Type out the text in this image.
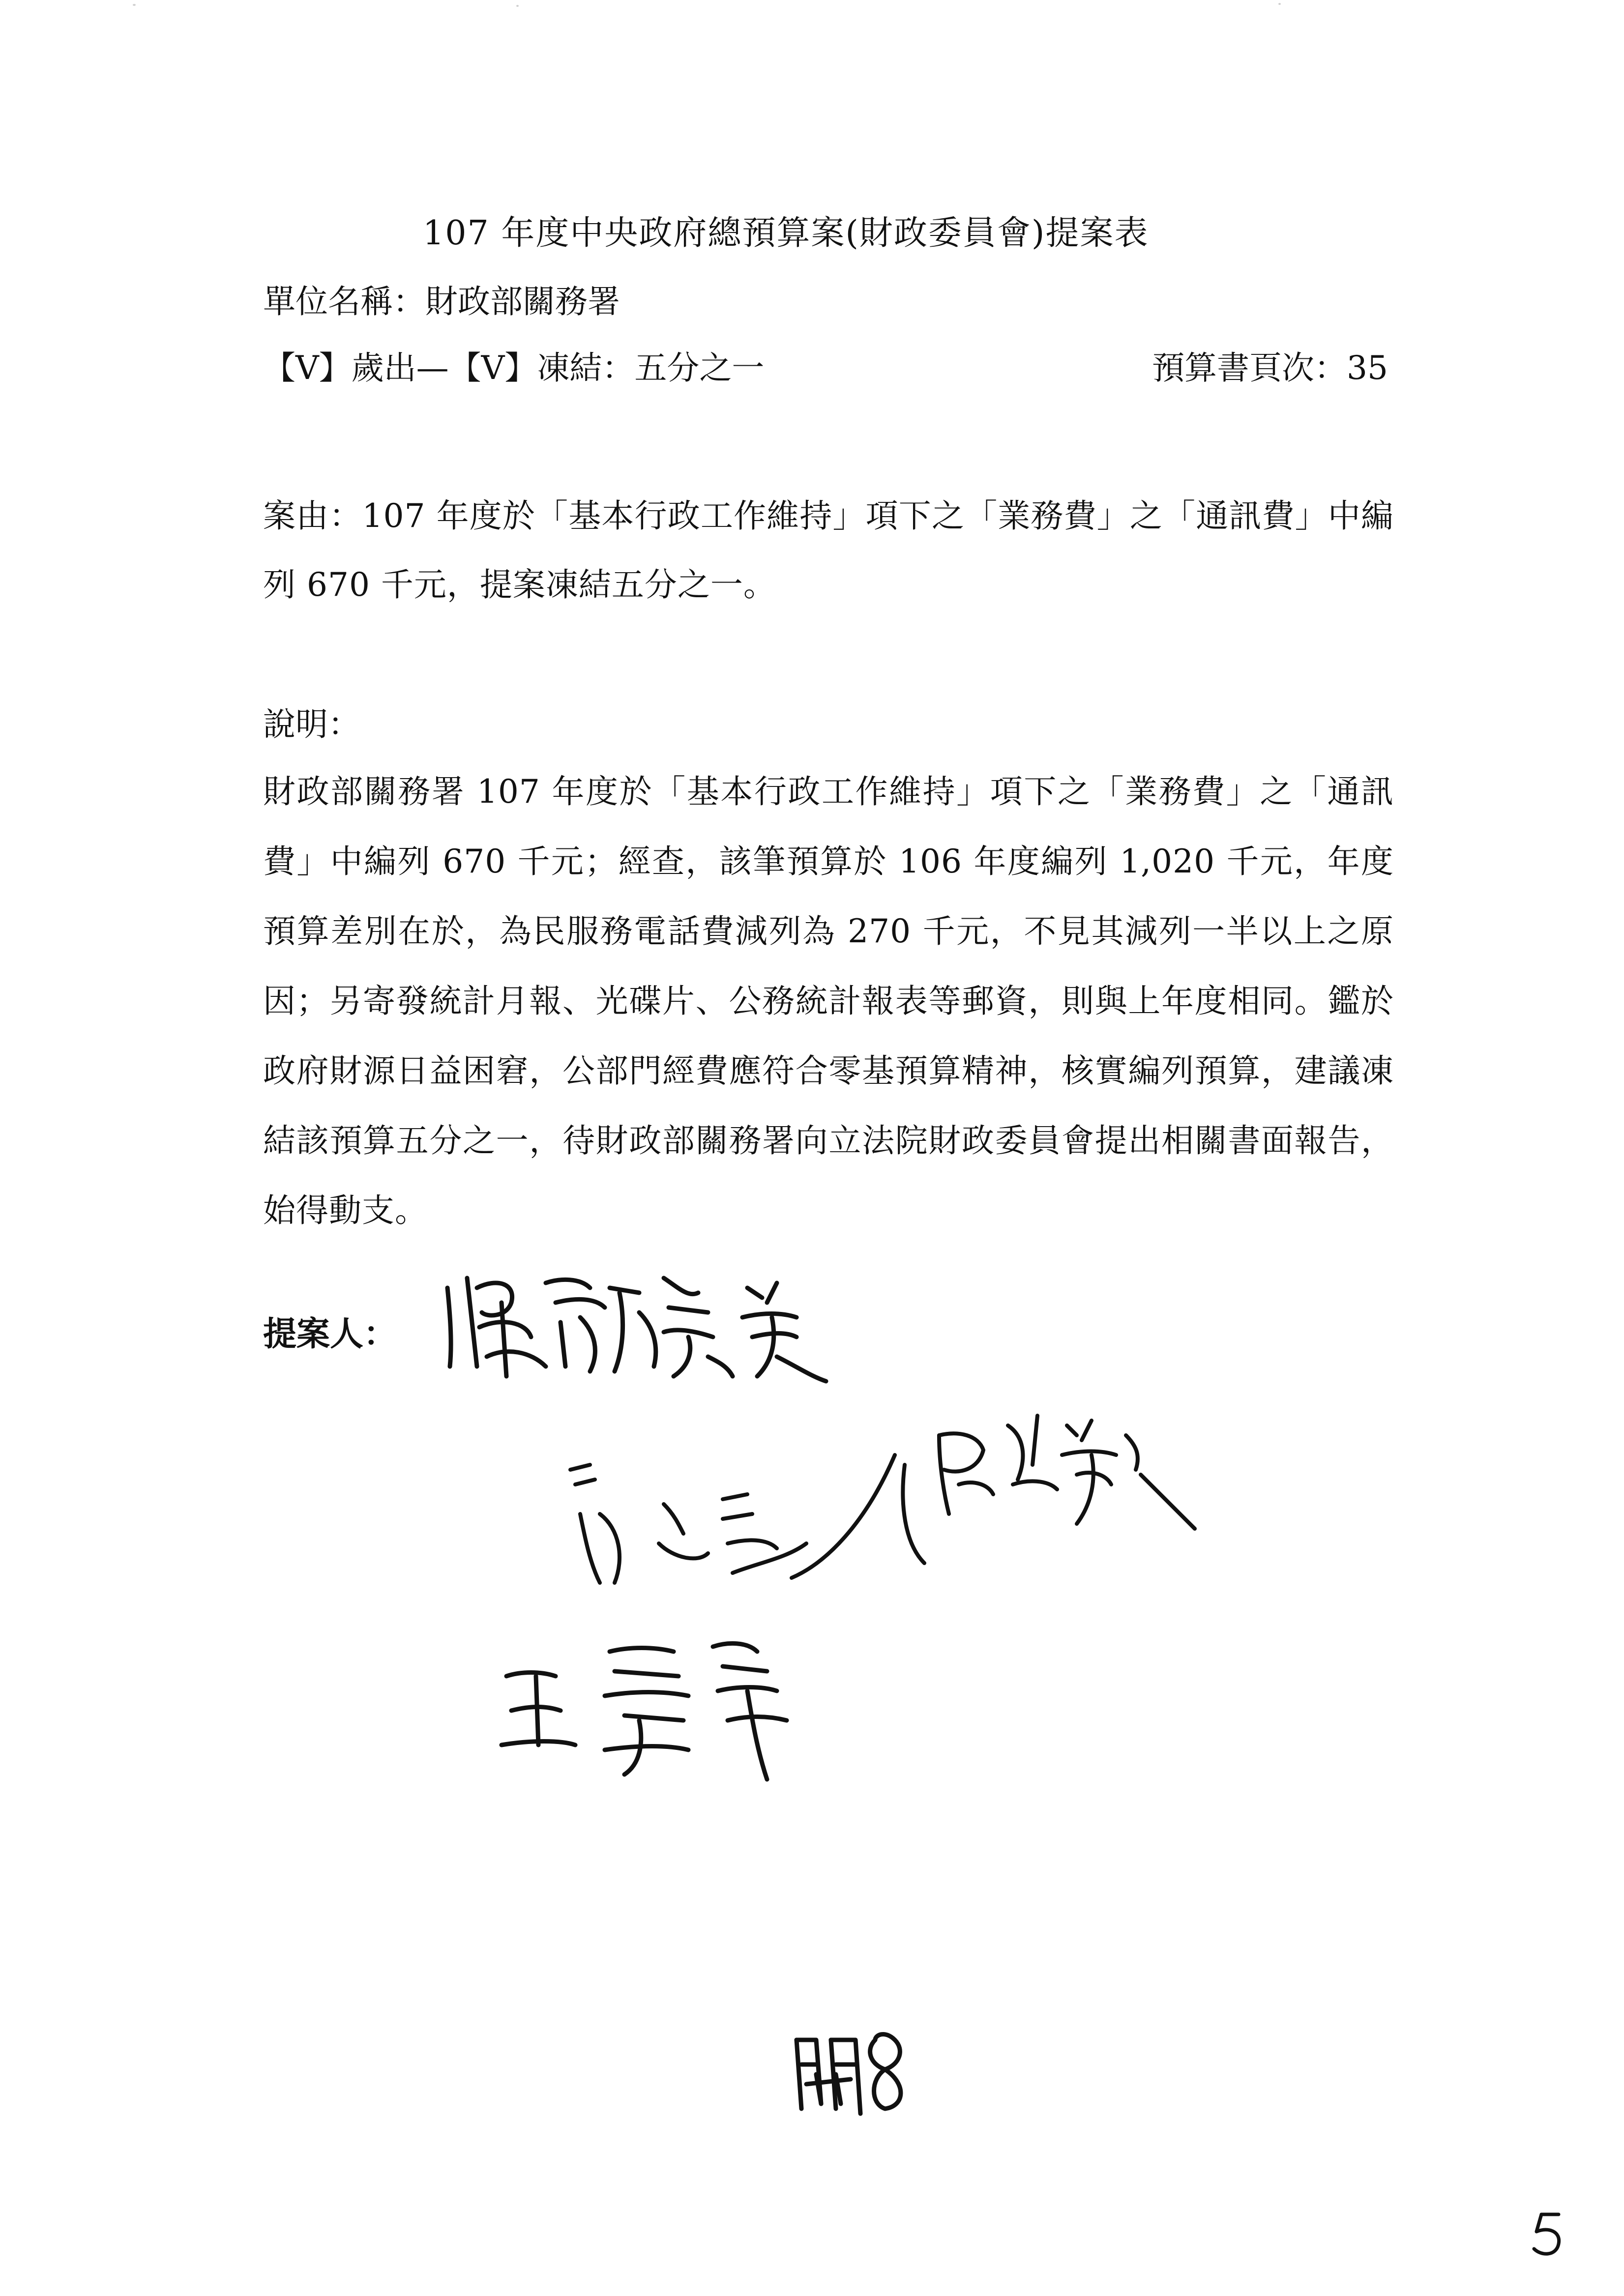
107 年度中央政府總預算案(財政委員會)提案表
單位名稱：財政部關務署
【V】歲出—【V】凍結：五分之一	預算書頁次：35
案由：107 年度於「基本行政工作維持」項下之「業務費」之「通訊費」中編列 670 千元，提案凍結五分之一。
說明：
財政部關務署 107 年度於「基本行政工作維持」項下之「業務費」之「通訊費」中編列 670 千元；經查，該筆預算於 106 年度編列 1,020 千元，年度預算差別在於，為民服務電話費減列為 270 千元，不見其減列一半以上之原因；另寄發統計月報、光碟片、公務統計報表等郵資，則與上年度相同。鑑於政府財源日益困窘，公部門經費應符合零基預算精神，核實編列預算，建議凍結該預算五分之一，待財政部關務署向立法院財政委員會提出相關書面報告，始得動支。
提案人：
